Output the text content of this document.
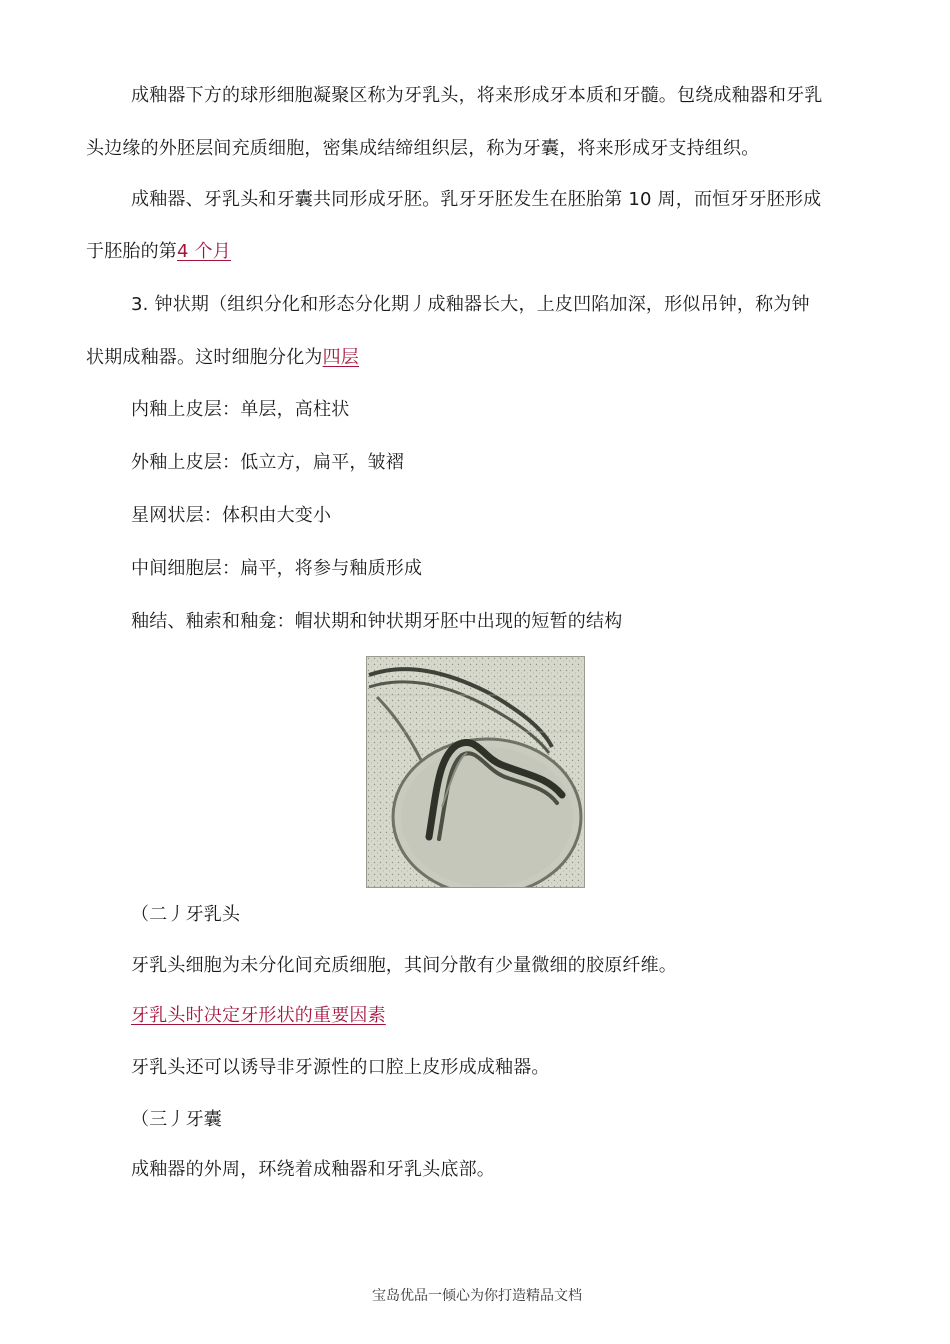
成釉器下方的球形细胞凝聚区称为牙乳头，将来形成牙本质和牙髓。包绕成釉器和牙乳
头边缘的外胚层间充质细胞，密集成结缔组织层，称为牙囊，将来形成牙支持组织。
成釉器、牙乳头和牙囊共同形成牙胚。乳牙牙胚发生在胚胎第 10 周，而恒牙牙胚形成
于胚胎的第4 个月
3. 钟状期（组织分化和形态分化期丿成釉器长大，上皮凹陷加深，形似吊钟，称为钟
状期成釉器。这时细胞分化为四层
内釉上皮层：单层，高柱状
外釉上皮层：低立方，扁平，皱褶
星网状层：体积由大变小
中间细胞层：扁平，将参与釉质形成
釉结、釉索和釉龛：帽状期和钟状期牙胚中出现的短暂的结构
（二丿牙乳头
牙乳头细胞为未分化间充质细胞，其间分散有少量微细的胶原纤维。
牙乳头时决定牙形状的重要因素
牙乳头还可以诱导非牙源性的口腔上皮形成成釉器。
（三丿牙囊
成釉器的外周，环绕着成釉器和牙乳头底部。
宝岛优品一倾心为你打造精品文档
